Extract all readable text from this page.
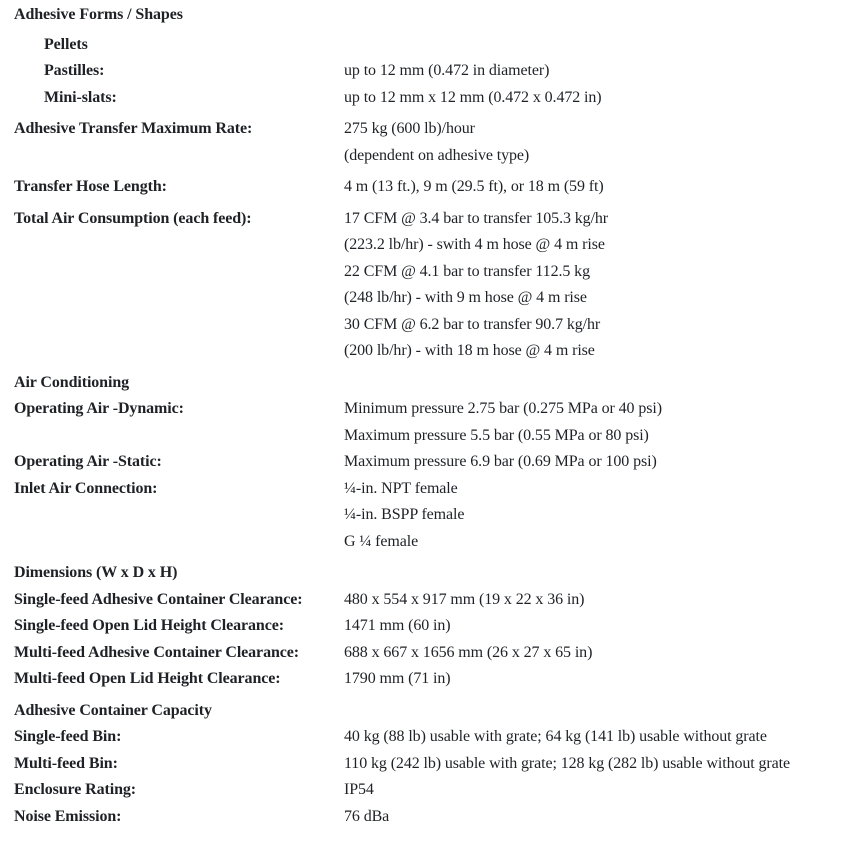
Adhesive Forms / Shapes
Pellets
Pastilles:	up to 12 mm (0.472 in diameter)
Mini-slats:	up to 12 mm x 12 mm (0.472 x 0.472 in)
Adhesive Transfer Maximum Rate:	275 kg (600 lb)/hour
(dependent on adhesive type)
Transfer Hose Length:	4 m (13 ft.), 9 m (29.5 ft), or 18 m (59 ft)
Total Air Consumption (each feed):	17 CFM @ 3.4 bar to transfer 105.3 kg/hr
(223.2 lb/hr) - swith 4 m hose @ 4 m rise
22 CFM @ 4.1 bar to transfer 112.5 kg
(248 lb/hr) - with 9 m hose @ 4 m rise
30 CFM @ 6.2 bar to transfer 90.7 kg/hr
(200 lb/hr) - with 18 m hose @ 4 m rise
Air Conditioning
Operating Air -Dynamic:	Minimum pressure 2.75 bar (0.275 MPa or 40 psi)
Maximum pressure 5.5 bar (0.55 MPa or 80 psi)
Operating Air -Static:	Maximum pressure 6.9 bar (0.69 MPa or 100 psi)
Inlet Air Connection:	¼-in. NPT female
¼-in. BSPP female
G ¼ female
Dimensions (W x D x H)
Single-feed Adhesive Container Clearance:	480 x 554 x 917 mm (19 x 22 x 36 in)
Single-feed Open Lid Height Clearance:	1471 mm (60 in)
Multi-feed Adhesive Container Clearance:	688 x 667 x 1656 mm (26 x 27 x 65 in)
Multi-feed Open Lid Height Clearance:	1790 mm (71 in)
Adhesive Container Capacity
Single-feed Bin:	40 kg (88 lb) usable with grate; 64 kg (141 lb) usable without grate
Multi-feed Bin:	110 kg (242 lb) usable with grate; 128 kg (282 lb) usable without grate
Enclosure Rating:	IP54
Noise Emission:	76 dBa
